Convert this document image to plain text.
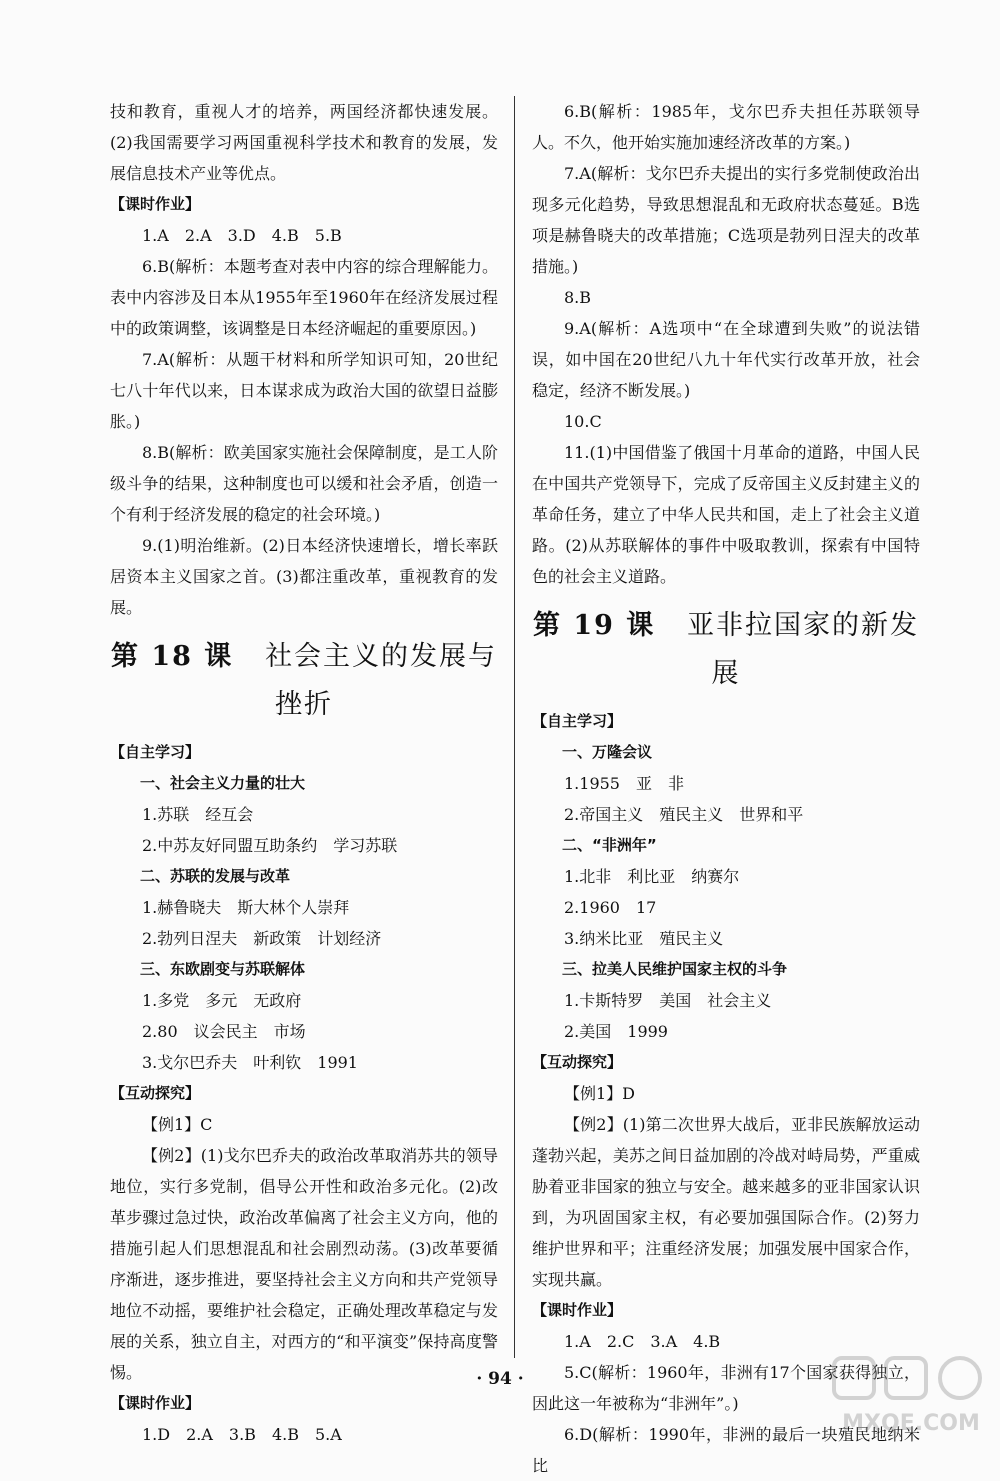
技和教育，重视人才的培养，两国经济都快速发展。(2)我国需要学习两国重视科学技术和教育的发展，发展信息技术产业等优点。

【课时作业】

1.A　2.A　3.D　4.B　5.B

6.B(解析：本题考查对表中内容的综合理解能力。表中内容涉及日本从1955年至1960年在经济发展过程中的政策调整，该调整是日本经济崛起的重要原因。)

7.A(解析：从题干材料和所学知识可知，20世纪七八十年代以来，日本谋求成为政治大国的欲望日益膨胀。)

8.B(解析：欧美国家实施社会保障制度，是工人阶级斗争的结果，这种制度也可以缓和社会矛盾，创造一个有利于经济发展的稳定的社会环境。)

9.(1)明治维新。(2)日本经济快速增长，增长率跃居资本主义国家之首。(3)都注重改革，重视教育的发展。

第 18 课 社会主义的发展与挫折

【自主学习】

一、社会主义力量的壮大

1.苏联　经互会

2.中苏友好同盟互助条约　学习苏联

二、苏联的发展与改革

1.赫鲁晓夫　斯大林个人崇拜

2.勃列日涅夫　新政策　计划经济

三、东欧剧变与苏联解体

1.多党　多元　无政府

2.80　议会民主　市场

3.戈尔巴乔夫　叶利钦　1991

【互动探究】

【例1】C

【例2】(1)戈尔巴乔夫的政治改革取消苏共的领导地位，实行多党制，倡导公开性和政治多元化。(2)改革步骤过急过快，政治改革偏离了社会主义方向，他的措施引起人们思想混乱和社会剧烈动荡。(3)改革要循序渐进，逐步推进，要坚持社会主义方向和共产党领导地位不动摇，要维护社会稳定，正确处理改革稳定与发展的关系，独立自主，对西方的“和平演变”保持高度警惕。

【课时作业】

1.D　2.A　3.B　4.B　5.A

6.B(解析：1985年，戈尔巴乔夫担任苏联领导人。不久，他开始实施加速经济改革的方案。)

7.A(解析：戈尔巴乔夫提出的实行多党制使政治出现多元化趋势，导致思想混乱和无政府状态蔓延。B选项是赫鲁晓夫的改革措施；C选项是勃列日涅夫的改革措施。)

8.B

9.A(解析：A选项中“在全球遭到失败”的说法错误，如中国在20世纪八九十年代实行改革开放，社会稳定，经济不断发展。)

10.C

11.(1)中国借鉴了俄国十月革命的道路，中国人民在中国共产党领导下，完成了反帝国主义反封建主义的革命任务，建立了中华人民共和国，走上了社会主义道路。(2)从苏联解体的事件中吸取教训，探索有中国特色的社会主义道路。

第 19 课 亚非拉国家的新发展

【自主学习】

一、万隆会议

1.1955　亚　非

2.帝国主义　殖民主义　世界和平

二、“非洲年”

1.北非　利比亚　纳赛尔

2.1960　17

3.纳米比亚　殖民主义

三、拉美人民维护国家主权的斗争

1.卡斯特罗　美国　社会主义

2.美国　1999

【互动探究】

【例1】D

【例2】(1)第二次世界大战后，亚非民族解放运动蓬勃兴起，美苏之间日益加剧的冷战对峙局势，严重威胁着亚非国家的独立与安全。越来越多的亚非国家认识到，为巩固国家主权，有必要加强国际合作。(2)努力维护世界和平；注重经济发展；加强发展中国家合作，实现共赢。

【课时作业】

1.A　2.C　3.A　4.B

5.C(解析：1960年，非洲有17个国家获得独立，因此这一年被称为“非洲年”。)

6.D(解析：1990年，非洲的最后一块殖民地纳米比

· 94 ·
MXQE.COM
